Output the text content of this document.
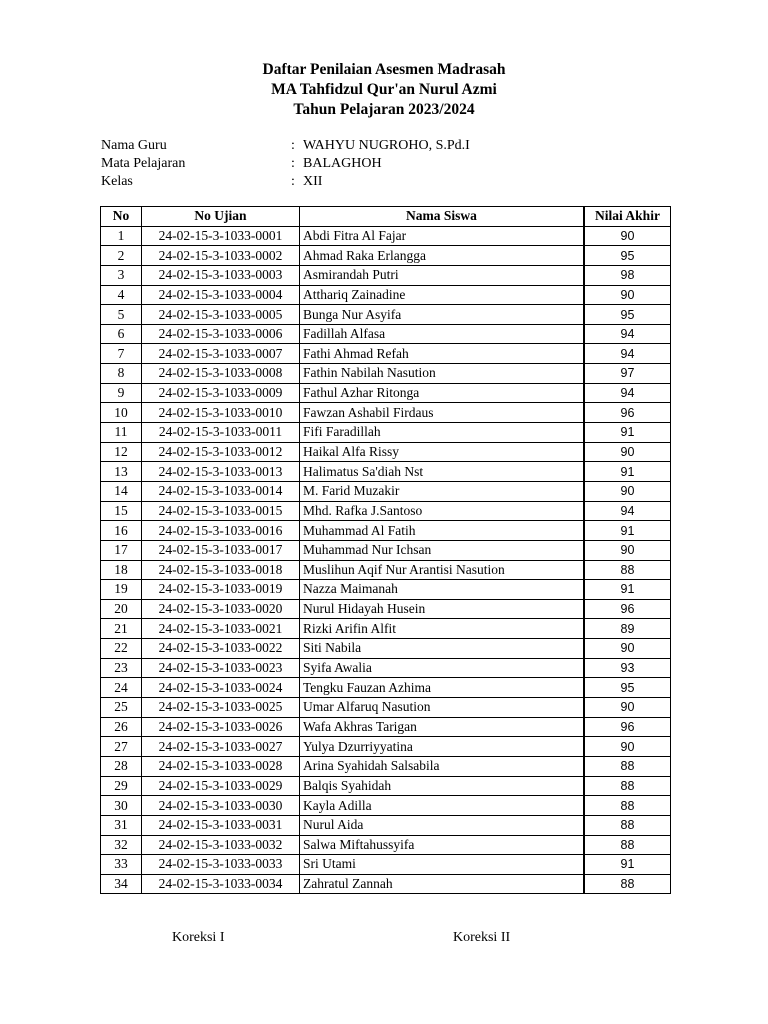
Daftar Penilaian Asesmen Madrasah
MA Tahfidzul Qur'an Nurul Azmi
Tahun Pelajaran 2023/2024
Nama Guru	: WAHYU NUGROHO, S.Pd.I
Mata Pelajaran	: BALAGHOH
Kelas	: XII
No	No Ujian	Nama Siswa	Nilai Akhir
1	24-02-15-3-1033-0001	Abdi Fitra Al Fajar	90
2	24-02-15-3-1033-0002	Ahmad Raka Erlangga	95
3	24-02-15-3-1033-0003	Asmirandah Putri	98
4	24-02-15-3-1033-0004	Atthariq Zainadine	90
5	24-02-15-3-1033-0005	Bunga Nur Asyifa	95
6	24-02-15-3-1033-0006	Fadillah Alfasa	94
7	24-02-15-3-1033-0007	Fathi Ahmad Refah	94
8	24-02-15-3-1033-0008	Fathin Nabilah Nasution	97
9	24-02-15-3-1033-0009	Fathul Azhar Ritonga	94
10	24-02-15-3-1033-0010	Fawzan Ashabil Firdaus	96
11	24-02-15-3-1033-0011	Fifi Faradillah	91
12	24-02-15-3-1033-0012	Haikal Alfa Rissy	90
13	24-02-15-3-1033-0013	Halimatus Sa'diah Nst	91
14	24-02-15-3-1033-0014	M. Farid Muzakir	90
15	24-02-15-3-1033-0015	Mhd. Rafka J.Santoso	94
16	24-02-15-3-1033-0016	Muhammad Al Fatih	91
17	24-02-15-3-1033-0017	Muhammad Nur Ichsan	90
18	24-02-15-3-1033-0018	Muslihun Aqif Nur Arantisi Nasution	88
19	24-02-15-3-1033-0019	Nazza Maimanah	91
20	24-02-15-3-1033-0020	Nurul Hidayah Husein	96
21	24-02-15-3-1033-0021	Rizki Arifin Alfit	89
22	24-02-15-3-1033-0022	Siti Nabila	90
23	24-02-15-3-1033-0023	Syifa Awalia	93
24	24-02-15-3-1033-0024	Tengku Fauzan Azhima	95
25	24-02-15-3-1033-0025	Umar Alfaruq Nasution	90
26	24-02-15-3-1033-0026	Wafa Akhras Tarigan	96
27	24-02-15-3-1033-0027	Yulya Dzurriyyatina	90
28	24-02-15-3-1033-0028	Arina Syahidah Salsabila	88
29	24-02-15-3-1033-0029	Balqis Syahidah	88
30	24-02-15-3-1033-0030	Kayla Adilla	88
31	24-02-15-3-1033-0031	Nurul Aida	88
32	24-02-15-3-1033-0032	Salwa Miftahussyifa	88
33	24-02-15-3-1033-0033	Sri Utami	91
34	24-02-15-3-1033-0034	Zahratul Zannah	88
Koreksi I	Koreksi II
